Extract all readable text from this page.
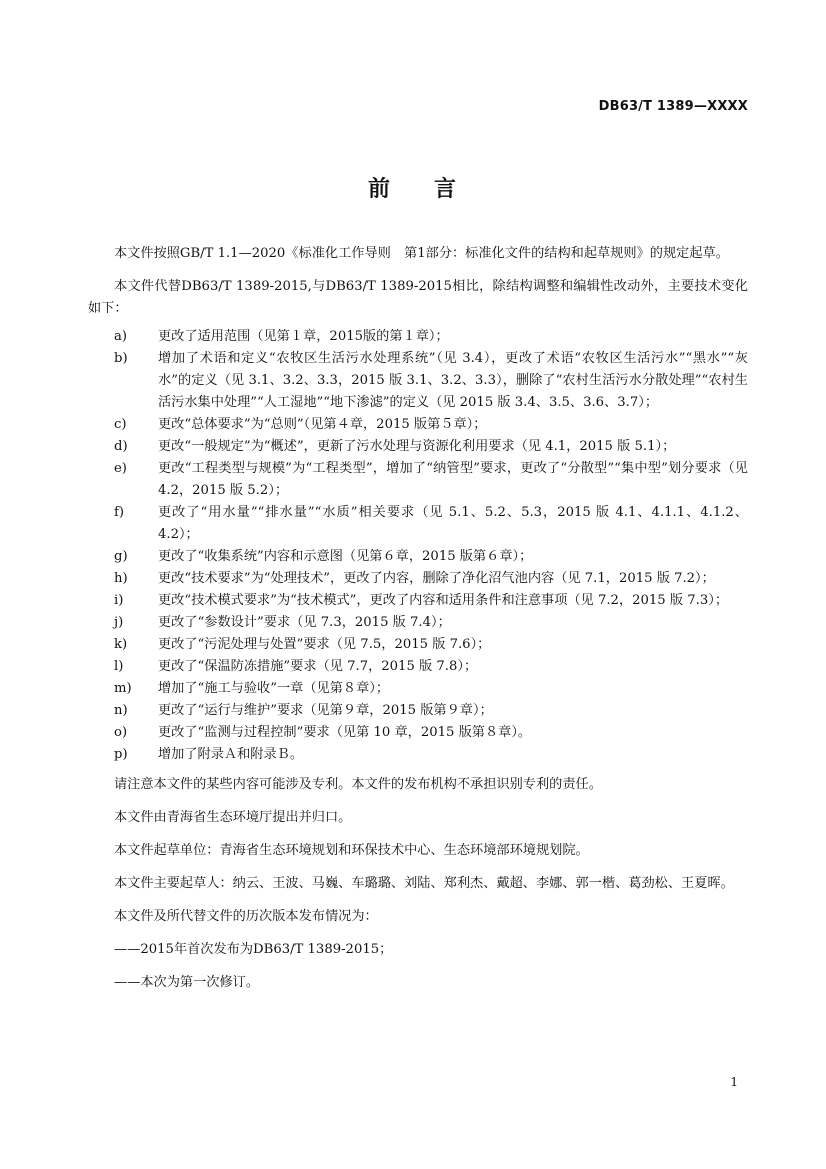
DB63/T 1389—XXXX
前 言

本文件按照GB/T 1.1—2020《标准化工作导则　第1部分：标准化文件的结构和起草规则》的规定起草。

本文件代替DB63/T 1389-2015,与DB63/T 1389-2015相比，除结构调整和编辑性改动外，主要技术变化如下：

a) 更改了适用范围（见第１章，2015版的第１章）；
b) 增加了术语和定义“农牧区生活污水处理系统”（见 3.4），更改了术语“农牧区生活污水”“黑水”“灰水”的定义（见 3.1、3.2、3.3，2015 版 3.1、3.2、3.3），删除了“农村生活污水分散处理”“农村生活污水集中处理”“人工湿地”“地下渗滤”的定义（见 2015 版 3.4、3.5、3.6、3.7）；
c) 更改“总体要求”为“总则”（见第４章，2015 版第５章）；
d) 更改“一般规定”为“概述”，更新了污水处理与资源化利用要求（见 4.1，2015 版 5.1）；
e) 更改“工程类型与规模”为“工程类型”，增加了“纳管型”要求，更改了“分散型”“集中型”划分要求（见 4.2，2015 版 5.2）；
f)	更改了“用水量”“排水量”“水质”相关要求（见 5.1、5.2、5.3，2015 版 4.1、4.1.1、4.1.2、4.2）；
g) 更改了“收集系统”内容和示意图（见第６章，2015 版第６章）；
h) 更改“技术要求”为“处理技术”，更改了内容，删除了净化沼气池内容（见 7.1，2015 版 7.2）；
i)	更改“技术模式要求”为“技术模式”，更改了内容和适用条件和注意事项（见 7.2，2015 版 7.3）；
j)	更改了“参数设计”要求（见 7.3，2015 版 7.4）；
k) 更改了“污泥处理与处置”要求（见 7.5，2015 版 7.6）；
l)	更改了“保温防冻措施”要求（见 7.7，2015 版 7.8）；
m) 增加了“施工与验收”一章（见第８章）；
n) 更改了“运行与维护”要求（见第９章，2015 版第９章）；
o) 更改了“监测与过程控制”要求（见第 10 章，2015 版第８章）。
p) 增加了附录Ａ和附录Ｂ。

请注意本文件的某些内容可能涉及专利。本文件的发布机构不承担识别专利的责任。

本文件由青海省生态环境厅提出并归口。

本文件起草单位：青海省生态环境规划和环保技术中心、生态环境部环境规划院。

本文件主要起草人：纳云、王波、马巍、车璐璐、刘陆、郑利杰、戴超、李娜、郭一楷、葛劲松、王夏晖。

本文件及所代替文件的历次版本发布情况为：

——2015年首次发布为DB63/T 1389-2015；

——本次为第一次修订。

1
